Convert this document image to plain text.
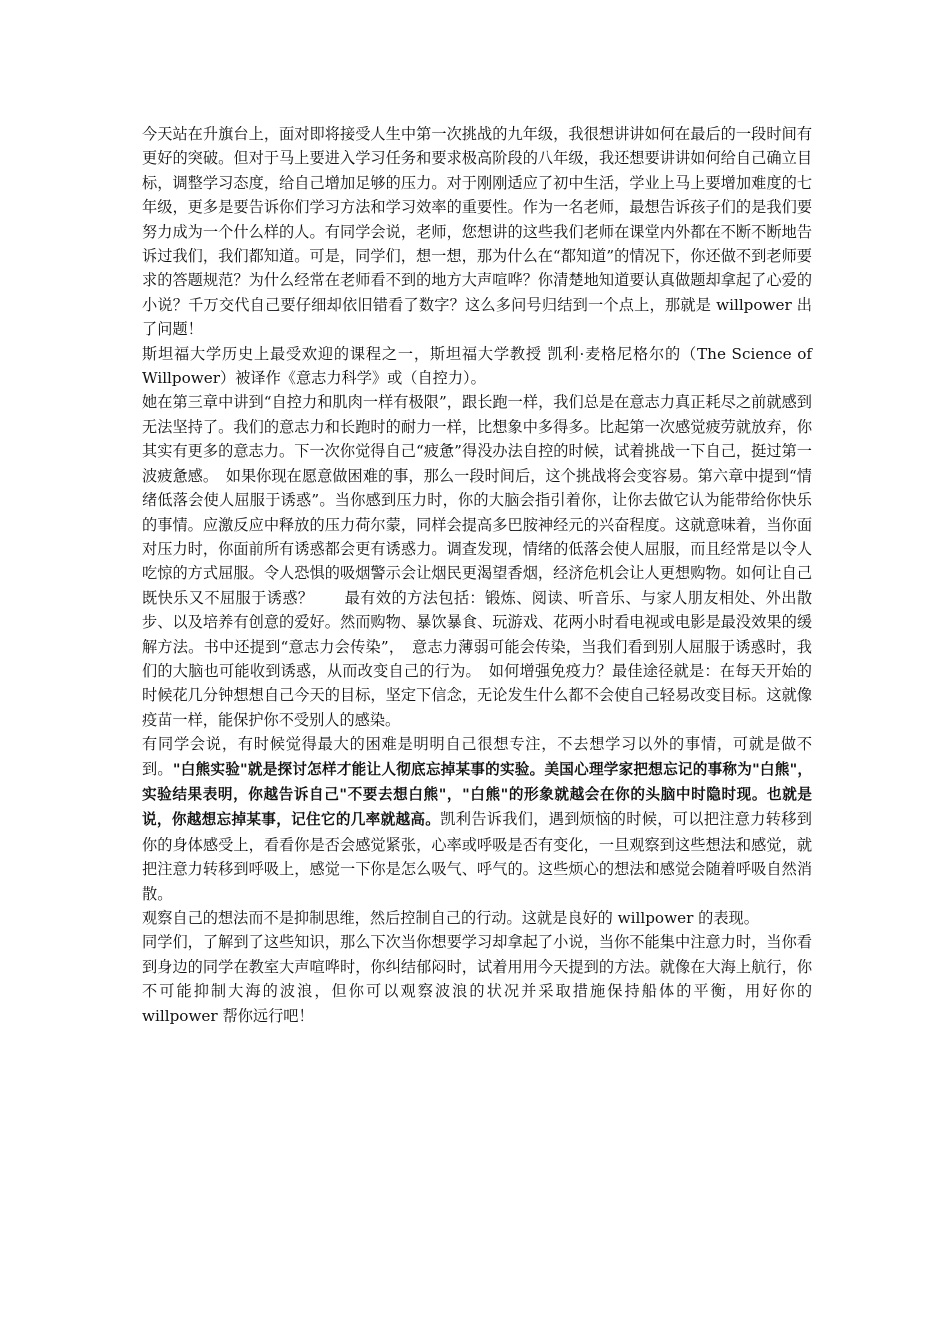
今天站在升旗台上，面对即将接受人生中第一次挑战的九年级，我很想讲讲如何在最后的一段时间有更好的突破。但对于马上要进入学习任务和要求极高阶段的八年级，我还想要讲讲如何给自己确立目标，调整学习态度，给自己增加足够的压力。对于刚刚适应了初中生活，学业上马上要增加难度的七年级，更多是要告诉你们学习方法和学习效率的重要性。作为一名老师，最想告诉孩子们的是我们要努力成为一个什么样的人。有同学会说，老师，您想讲的这些我们老师在课堂内外都在不断不断地告诉过我们，我们都知道。可是，同学们，想一想，那为什么在“都知道”的情况下，你还做不到老师要求的答题规范？为什么经常在老师看不到的地方大声喧哗？你清楚地知道要认真做题却拿起了心爱的小说？千万交代自己要仔细却依旧错看了数字？这么多问号归结到一个点上，那就是 willpower 出了问题！

斯坦福大学历史上最受欢迎的课程之一，斯坦福大学教授 凯利·麦格尼格尔的（The Science of Willpower）被译作《意志力科学》或（自控力）。

她在第三章中讲到“自控力和肌肉一样有极限”，跟长跑一样，我们总是在意志力真正耗尽之前就感到无法坚持了。我们的意志力和长跑时的耐力一样，比想象中多得多。比起第一次感觉疲劳就放弃，你其实有更多的意志力。下一次你觉得自己“疲惫”得没办法自控的时候，试着挑战一下自己，挺过第一波疲惫感。　如果你现在愿意做困难的事，那么一段时间后，这个挑战将会变容易。第六章中提到“情绪低落会使人屈服于诱惑”。当你感到压力时，你的大脑会指引着你，让你去做它认为能带给你快乐的事情。应激反应中释放的压力荷尔蒙，同样会提高多巴胺神经元的兴奋程度。这就意味着，当你面对压力时，你面前所有诱惑都会更有诱惑力。调查发现，情绪的低落会使人屈服，而且经常是以令人吃惊的方式屈服。令人恐惧的吸烟警示会让烟民更渴望香烟，经济危机会让人更想购物。如何让自己既快乐又不屈服于诱惑？　　最有效的方法包括：锻炼、阅读、听音乐、与家人朋友相处、外出散步、以及培养有创意的爱好。然而购物、暴饮暴食、玩游戏、花两小时看电视或电影是最没效果的缓解方法。书中还提到“意志力会传染”，　意志力薄弱可能会传染，当我们看到别人屈服于诱惑时，我们的大脑也可能收到诱惑，从而改变自己的行为。　如何增强免疫力？最佳途径就是：在每天开始的时候花几分钟想想自己今天的目标，坚定下信念，无论发生什么都不会使自己轻易改变目标。这就像疫苗一样，能保护你不受别人的感染。

有同学会说，有时候觉得最大的困难是明明自己很想专注，不去想学习以外的事情，可就是做不到。"白熊实验"就是探讨怎样才能让人彻底忘掉某事的实验。美国心理学家把想忘记的事称为"白熊"，实验结果表明，你越告诉自己"不要去想白熊"，"白熊"的形象就越会在你的头脑中时隐时现。也就是说，你越想忘掉某事，记住它的几率就越高。凯利告诉我们，遇到烦恼的时候，可以把注意力转移到你的身体感受上，看看你是否会感觉紧张，心率或呼吸是否有变化，一旦观察到这些想法和感觉，就把注意力转移到呼吸上，感觉一下你是怎么吸气、呼气的。这些烦心的想法和感觉会随着呼吸自然消散。

观察自己的想法而不是抑制思维，然后控制自己的行动。这就是良好的 willpower 的表现。

同学们，了解到了这些知识，那么下次当你想要学习却拿起了小说，当你不能集中注意力时，当你看到身边的同学在教室大声喧哗时，你纠结郁闷时，试着用用今天提到的方法。就像在大海上航行，你不可能抑制大海的波浪，但你可以观察波浪的状况并采取措施保持船体的平衡，用好你的 willpower 帮你远行吧！
